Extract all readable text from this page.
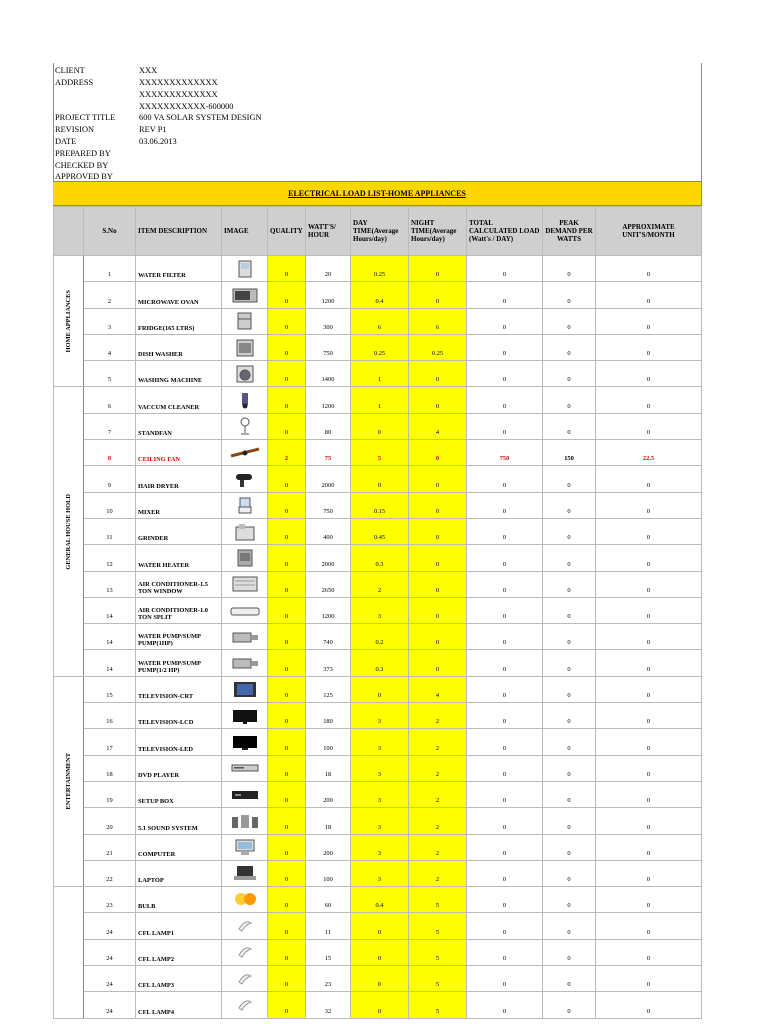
CLIENT	XXX
ADDRESS	XXXXXXXXXXXXX
XXXXXXXXXXXXX
XXXXXXXXXXX-600000
PROJECT TITLE	600 VA SOLAR SYSTEM DESIGN
REVISION	REV P1
DATE	03.06.2013
PREPARED BY
CHECKED BY
APPROVED BY
ELECTRICAL LOAD LIST-HOME APPLIANCES
	S.No	ITEM DESCRIPTION	IMAGE	QUALITY	WATT'S/ HOUR	DAY TIME(Average Hours/day)	NIGHT TIME(Average Hours/day)	TOTAL CALCULATED LOAD (Watt's / DAY)	PEAK DEMAND PER WATTS	APPROXIMATE UNIT'S/MONTH

HOME APPLIANCES	1	WATER FILTER		0	20	0.25	0	0	0	0
	2	MICROWAVE OVAN		0	1200	0.4	0	0	0	0
	3	FRIDGE(165 LTRS)		0	300	6	6	0	0	0
	4	DISH WASHER		0	750	0.25	0.25	0	0	0
	5	WASHING MACHINE		0	1400	1	0	0	0	0

GENERAL HOUSE HOLD	6	VACCUM CLEANER		0	1200	1	0	0	0	0
	7	STANDFAN		0	80	0	4	0	0	0
	8	CEILING FAN		2	75	5	0	750	150	22.5
	9	HAIR DRYER		0	2000	0	0	0	0	0
	10	MIXER		0	750	0.15	0	0	0	0
	11	GRINDER		0	400	0.45	0	0	0	0
	12	WATER HEATER		0	2000	0.3	0	0	0	0
	13	AIR CONDITIONER-1.5 TON WINDOW		0	2650	2	0	0	0	0
	14	AIR CONDITIONER-1.0 TON SPLIT		0	1200	3	0	0	0	0
	14	WATER PUMP/SUMP PUMP(1HP)		0	740	0.2	0	0	0	0
	14	WATER PUMP/SUMP PUMP(1/2 HP)		0	373	0.3	0	0	0	0

ENTERTAINMENT	15	TELEVISION-CRT		0	125	0	4	0	0	0
	16	TELEVISION-LCD		0	180	3	2	0	0	0
	17	TELEVISION-LED		0	100	3	2	0	0	0
	18	DVD PLAYER		0	18	3	2	0	0	0
	19	SETUP BOX		0	200	3	2	0	0	0
	20	5.1 SOUND SYSTEM		0	18	3	2	0	0	0
	21	COMPUTER		0	200	3	2	0	0	0
	22	LAPTOP		0	100	3	2	0	0	0

	23	BULB		0	60	0.4	5	0	0	0
	24	CFL LAMP1		0	11	0	5	0	0	0
	24	CFL LAMP2		0	15	0	5	0	0	0
	24	CFL LAMP3		0	23	0	5	0	0	0
	24	CFL LAMP4		0	32	0	5	0	0	0
